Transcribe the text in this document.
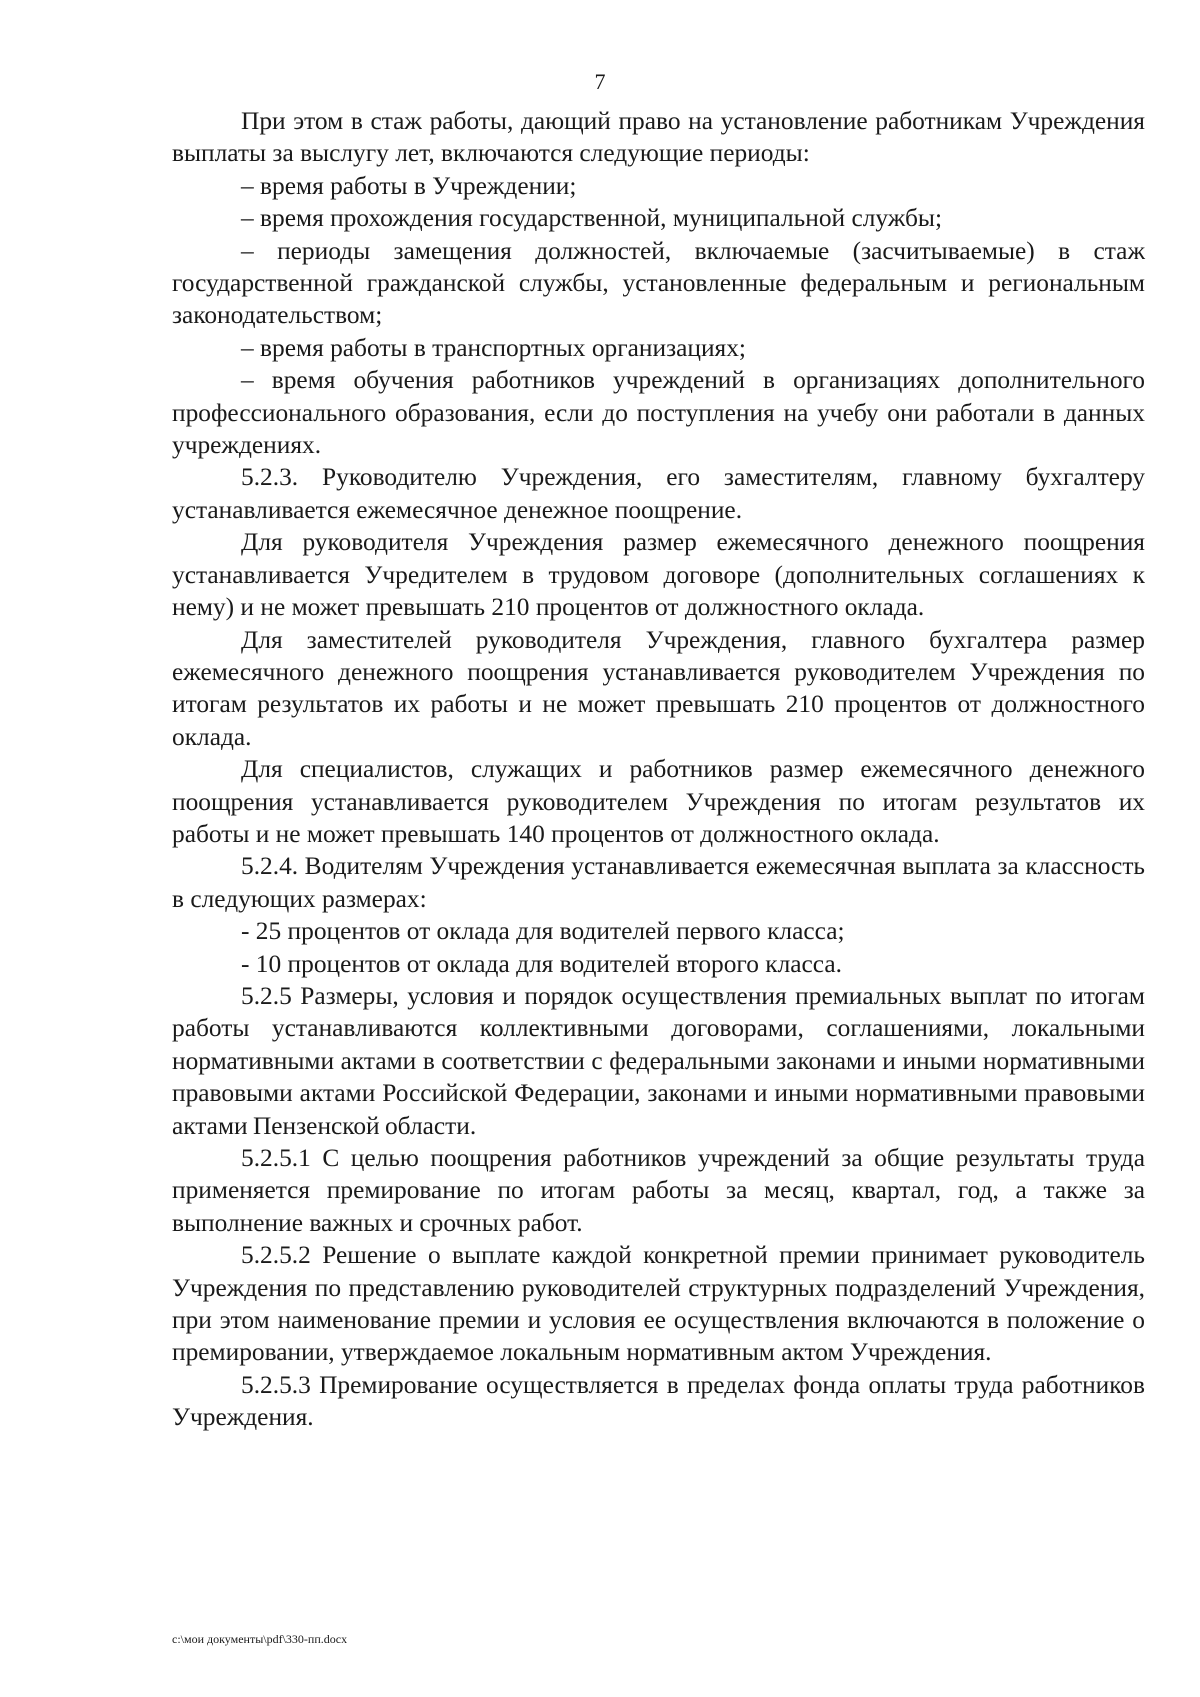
7

При этом в стаж работы, дающий право на установление работникам Учреждения выплаты за выслугу лет, включаются следующие периоды:

– время работы в Учреждении;

– время прохождения государственной, муниципальной службы;

– периоды замещения должностей, включаемые (засчитываемые) в стаж государственной гражданской службы, установленные федеральным и региональным законодательством;

– время работы в транспортных организациях;

– время обучения работников учреждений в организациях дополнительного профессионального образования, если до поступления на учебу они работали в данных учреждениях.

5.2.3. Руководителю Учреждения, его заместителям, главному бухгалтеру устанавливается ежемесячное денежное поощрение.

Для руководителя Учреждения размер ежемесячного денежного поощрения устанавливается Учредителем в трудовом договоре (дополнительных соглашениях к нему) и не может превышать 210 процентов от должностного оклада.

Для заместителей руководителя Учреждения, главного бухгалтера размер ежемесячного денежного поощрения устанавливается руководителем Учреждения по итогам результатов их работы и не может превышать 210 процентов от должностного оклада.

Для специалистов, служащих и работников размер ежемесячного денежного поощрения устанавливается руководителем Учреждения по итогам результатов их работы и не может превышать 140 процентов от должностного оклада.

5.2.4. Водителям Учреждения устанавливается ежемесячная выплата за классность в следующих размерах:

- 25 процентов от оклада для водителей первого класса;

- 10 процентов от оклада для водителей второго класса.

5.2.5 Размеры, условия и порядок осуществления премиальных выплат по итогам работы устанавливаются коллективными договорами, соглашениями, локальными нормативными актами в соответствии с федеральными законами и иными нормативными правовыми актами Российской Федерации, законами и иными нормативными правовыми актами Пензенской области.

5.2.5.1 С целью поощрения работников учреждений за общие результаты труда применяется премирование по итогам работы за месяц, квартал, год, а также за выполнение важных и срочных работ.

5.2.5.2 Решение о выплате каждой конкретной премии принимает руководитель Учреждения по представлению руководителей структурных подразделений Учреждения, при этом наименование премии и условия ее осуществления включаются в положение о премировании, утверждаемое локальным нормативным актом Учреждения.

5.2.5.3 Премирование осуществляется в пределах фонда оплаты труда работников Учреждения.

c:\мои документы\pdf\330-пп.docx
